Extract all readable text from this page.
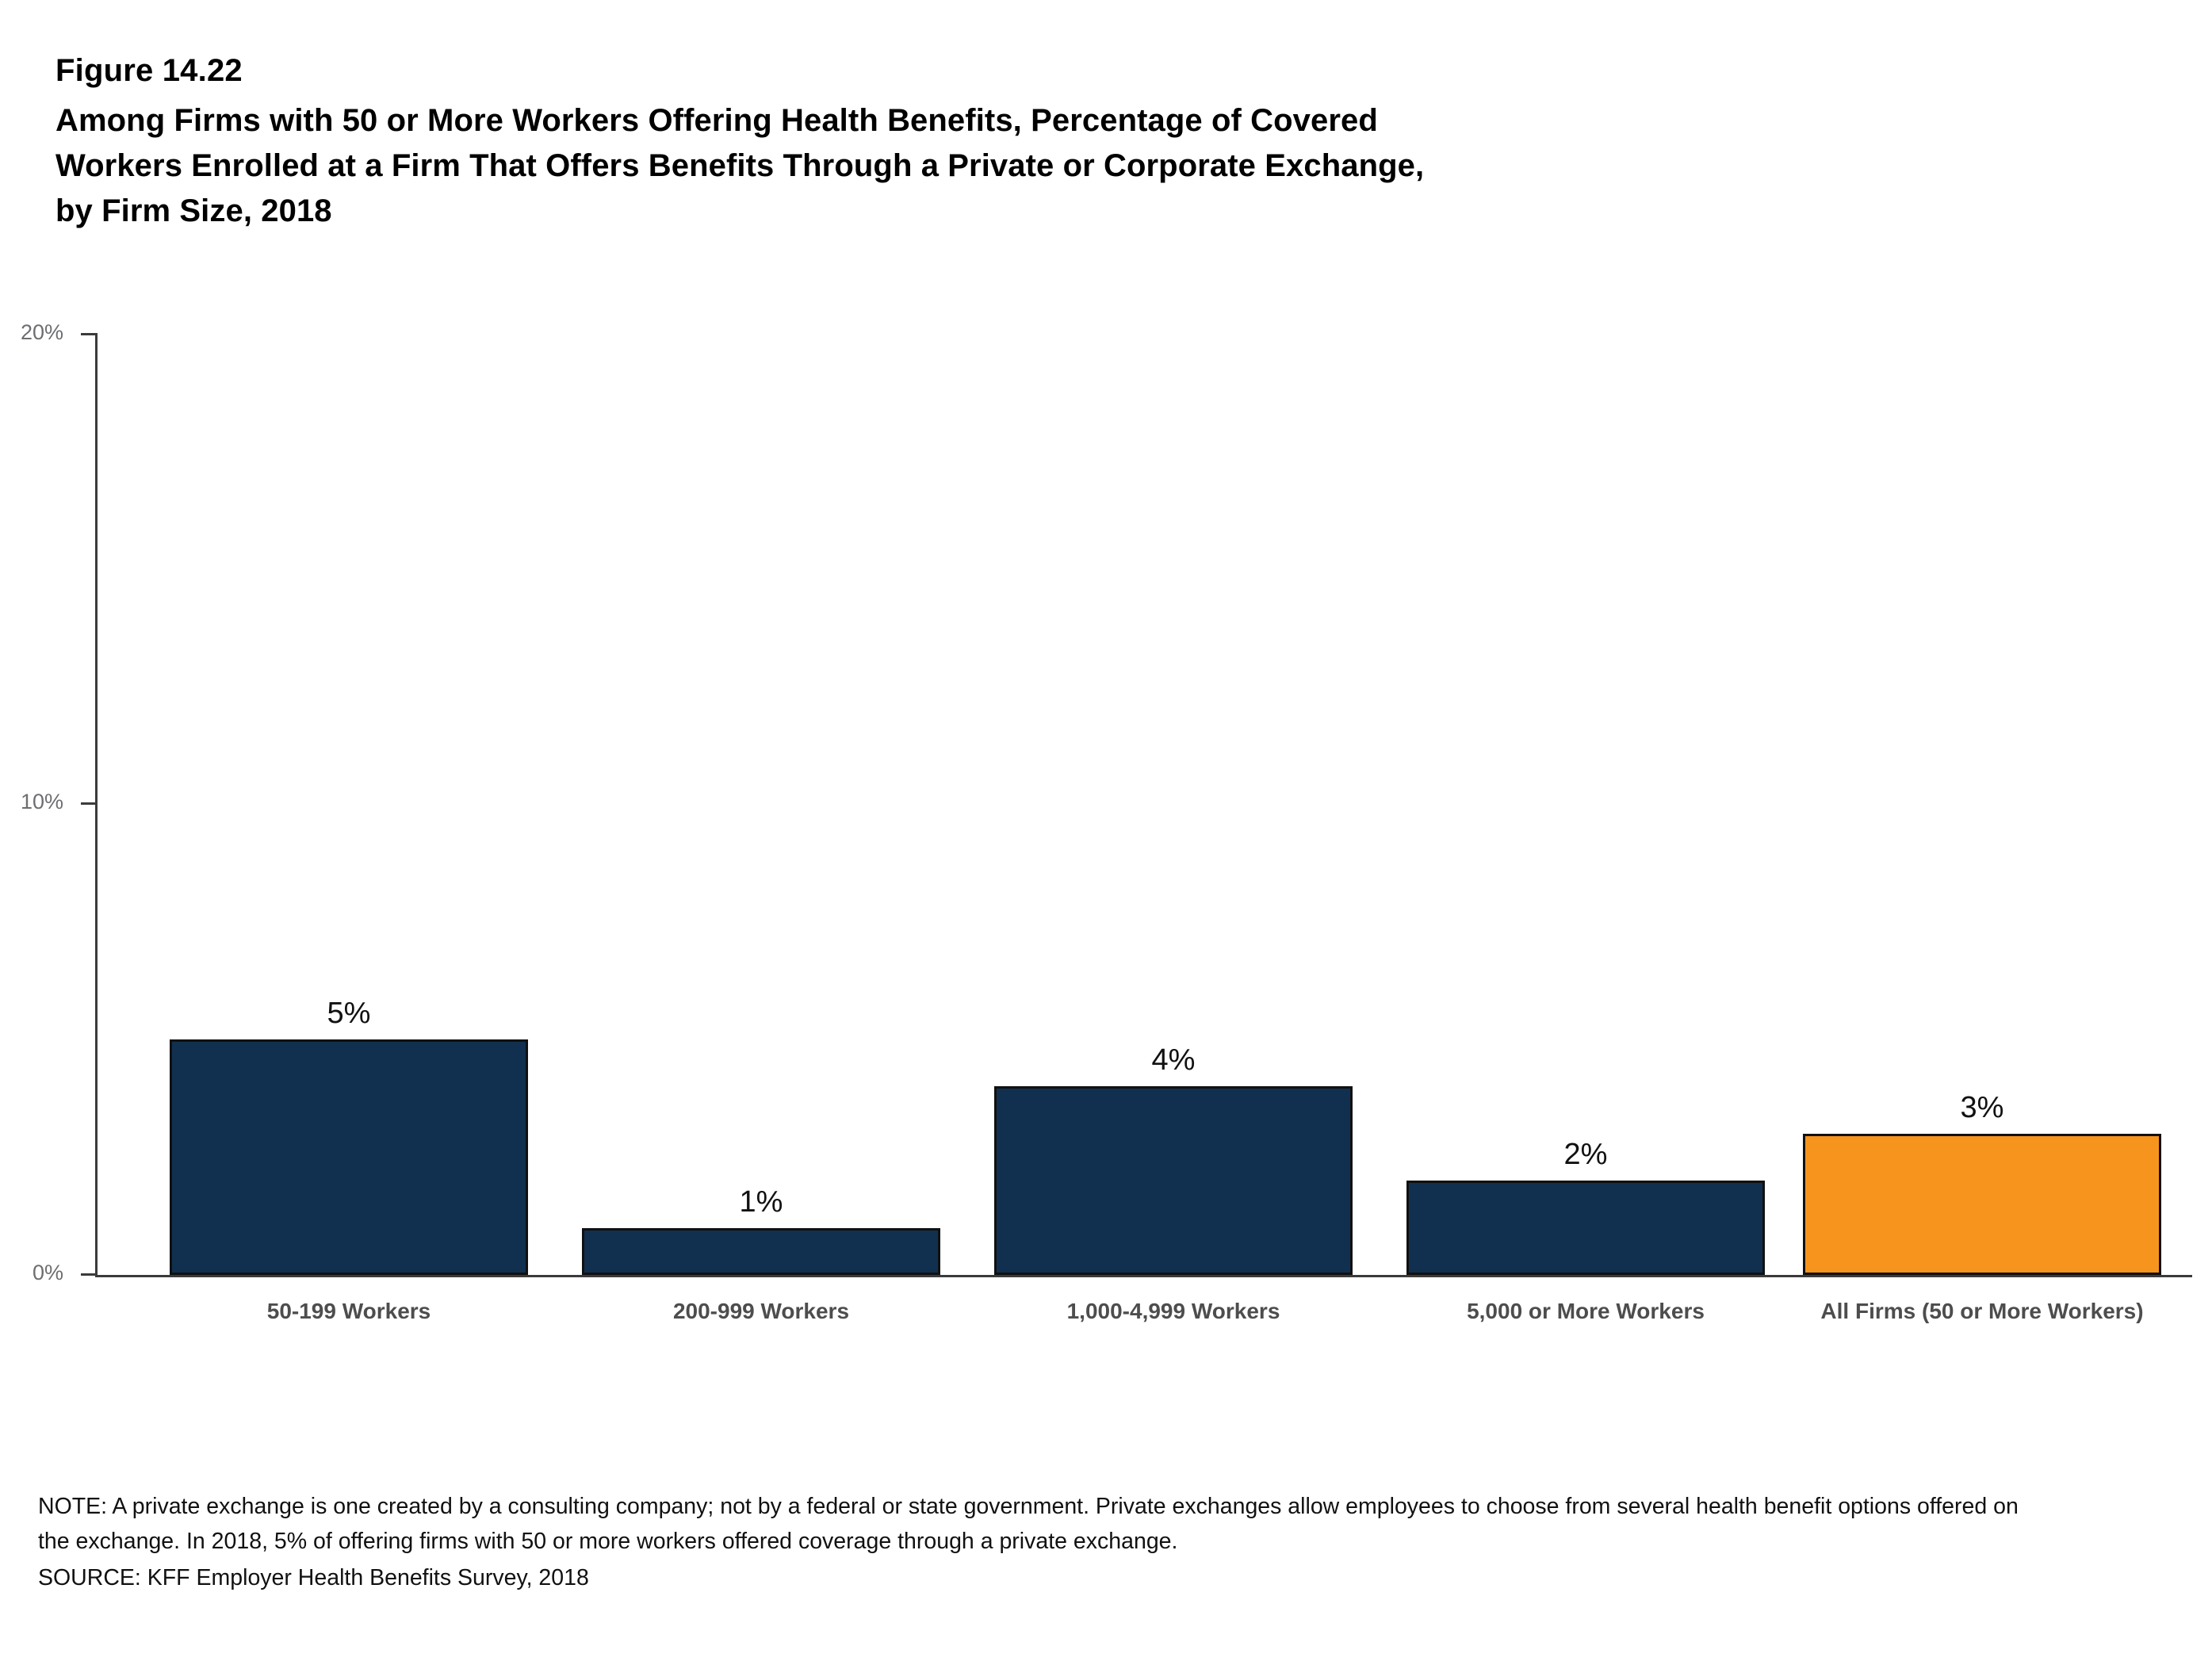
Figure 14.22
Among Firms with 50 or More Workers Offering Health Benefits, Percentage of Covered
Workers Enrolled at a Firm That Offers Benefits Through a Private or Corporate Exchange,
by Firm Size, 2018
20%
10%
0%
5%
50-199 Workers
1%
200-999 Workers
4%
1,000-4,999 Workers
2%
5,000 or More Workers
3%
All Firms (50 or More Workers)
NOTE: A private exchange is one created by a consulting company; not by a federal or state government. Private exchanges allow employees to choose from several health benefit options offered on the exchange. In 2018, 5% of offering firms with 50 or more workers offered coverage through a private exchange.
SOURCE: KFF Employer Health Benefits Survey, 2018
